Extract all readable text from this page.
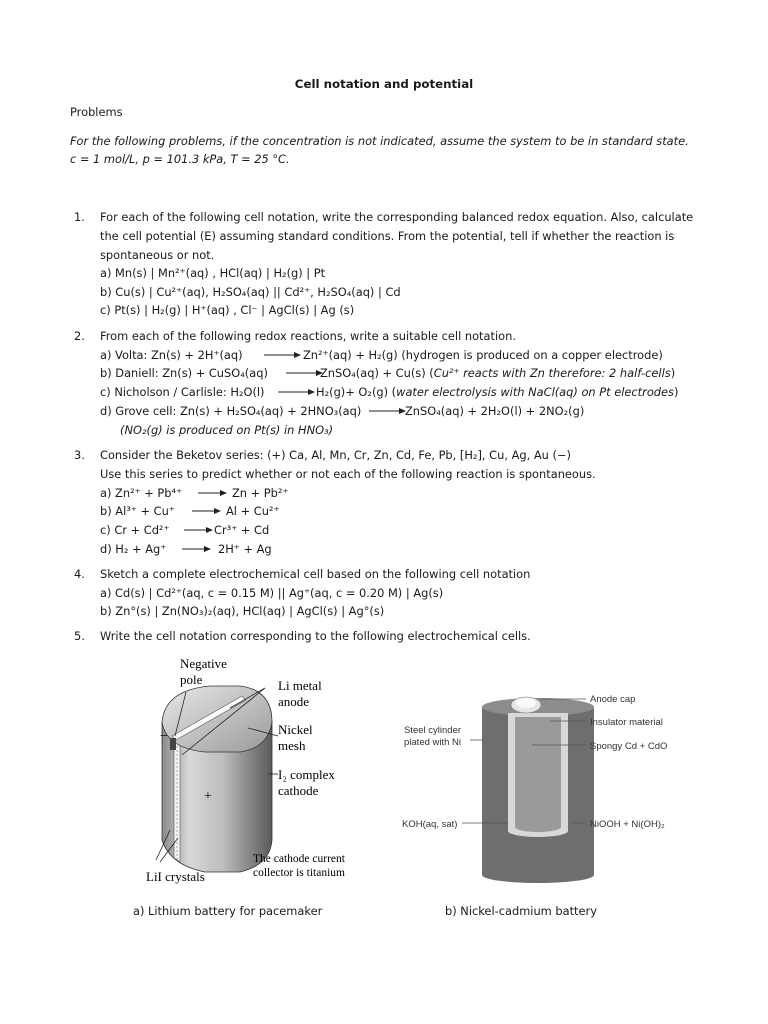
Cell notation and potential
Problems
For the following problems, if the concentration is not indicated, assume the system to be in standard state.
c = 1 mol/L, p = 101.3 kPa, T = 25 °C.
1. For each of the following cell notation, write the corresponding balanced redox equation. Also, calculate
the cell potential (E) assuming standard conditions. From the potential, tell if whether the reaction is
spontaneous or not.
a) Mn(s) | Mn²⁺(aq) , HCl(aq) | H₂(g) | Pt
b) Cu(s) | Cu²⁺(aq), H₂SO₄(aq) || Cd²⁺, H₂SO₄(aq) | Cd
c) Pt(s) | H₂(g) | H⁺(aq) , Cl⁻ | AgCl(s) | Ag (s)
2. From each of the following redox reactions, write a suitable cell notation.
a) Volta: Zn(s) + 2H⁺(aq)	Zn²⁺(aq) + H₂(g) (hydrogen is produced on a copper electrode)
b) Daniell: Zn(s) + CuSO₄(aq)	ZnSO₄(aq) + Cu(s) (Cu²⁺ reacts with Zn therefore: 2 half-cells)
c) Nicholson / Carlisle: H₂O(l)	H₂(g)+ O₂(g) (water electrolysis with NaCl(aq) on Pt electrodes)
d) Grove cell: Zn(s) + H₂SO₄(aq) + 2HNO₃(aq)	ZnSO₄(aq) + 2H₂O(l) + 2NO₂(g)
(NO₂(g) is produced on Pt(s) in HNO₃)
3. Consider the Beketov series: (+) Ca, Al, Mn, Cr, Zn, Cd, Fe, Pb, [H₂], Cu, Ag, Au (−)
Use this series to predict whether or not each of the following reaction is spontaneous.
a) Zn²⁺ + Pb⁴⁺	Zn + Pb²⁺
b) Al³⁺ + Cu⁺	Al + Cu²⁺
c) Cr + Cd²⁺	Cr³⁺ + Cd
d) H₂ + Ag⁺	2H⁺ + Ag
4. Sketch a complete electrochemical cell based on the following cell notation
a) Cd(s) | Cd²⁺(aq, c = 0.15 M) || Ag⁺(aq, c = 0.20 M) | Ag(s)
b) Zn°(s) | Zn(NO₃)₂(aq), HCl(aq) | AgCl(s) | Ag°(s)
5. Write the cell notation corresponding to the following electrochemical cells.
−
+
Negative
pole	Li metal
anode
Nickel
mesh
I₂ complex
cathode
The cathode current
collector is titanium
LiI crystals
a) Lithium battery for pacemaker
Anode cap
Insulator material
Spongy Cd + CdO
NiOOH + Ni(OH)₂
Steel cylinder
plated with Ni
KOH(aq, sat)
b) Nickel-cadmium battery
